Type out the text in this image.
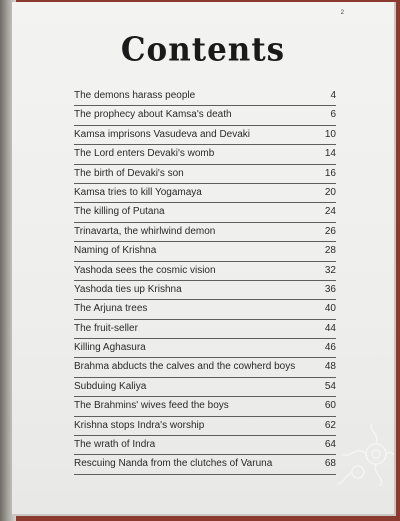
2
Contents
The demons harass people	4
The prophecy about Kamsa's death	6
Kamsa imprisons Vasudeva and Devaki	10
The Lord enters Devaki's womb	14
The birth of Devaki's son	16
Kamsa tries to kill Yogamaya	20
The killing of Putana	24
Trinavarta, the whirlwind demon	26
Naming of Krishna	28
Yashoda sees the cosmic vision	32
Yashoda ties up Krishna	36
The Arjuna trees	40
The fruit-seller	44
Killing Aghasura	46
Brahma abducts the calves and the cowherd boys	48
Subduing Kaliya	54
The Brahmins' wives feed the boys	60
Krishna stops Indra's worship	62
The wrath of Indra	64
Rescuing Nanda from the clutches of Varuna	68
